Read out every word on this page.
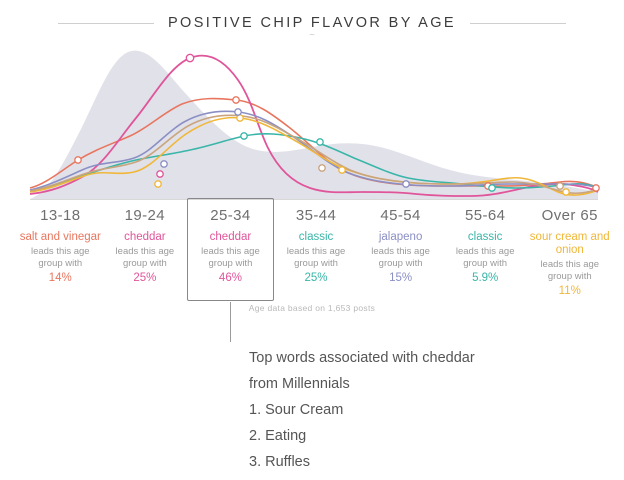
POSITIVE CHIP FLAVOR BY AGE
~
13-18
salt and vinegar
leads this age group with
14%
19-24
cheddar
leads this age group with
25%
25-34
cheddar
leads this age group with
46%
35-44
classic
leads this age group with
25%
45-54
jalapeno
leads this age group with
15%
55-64
classic
leads this age group with
5.9%
Over 65
sour cream and onion
leads this age group with
11%
Age data based on 1,653 posts
Top words associated with cheddar
from Millennials
1. Sour Cream
2. Eating
3. Ruffles
